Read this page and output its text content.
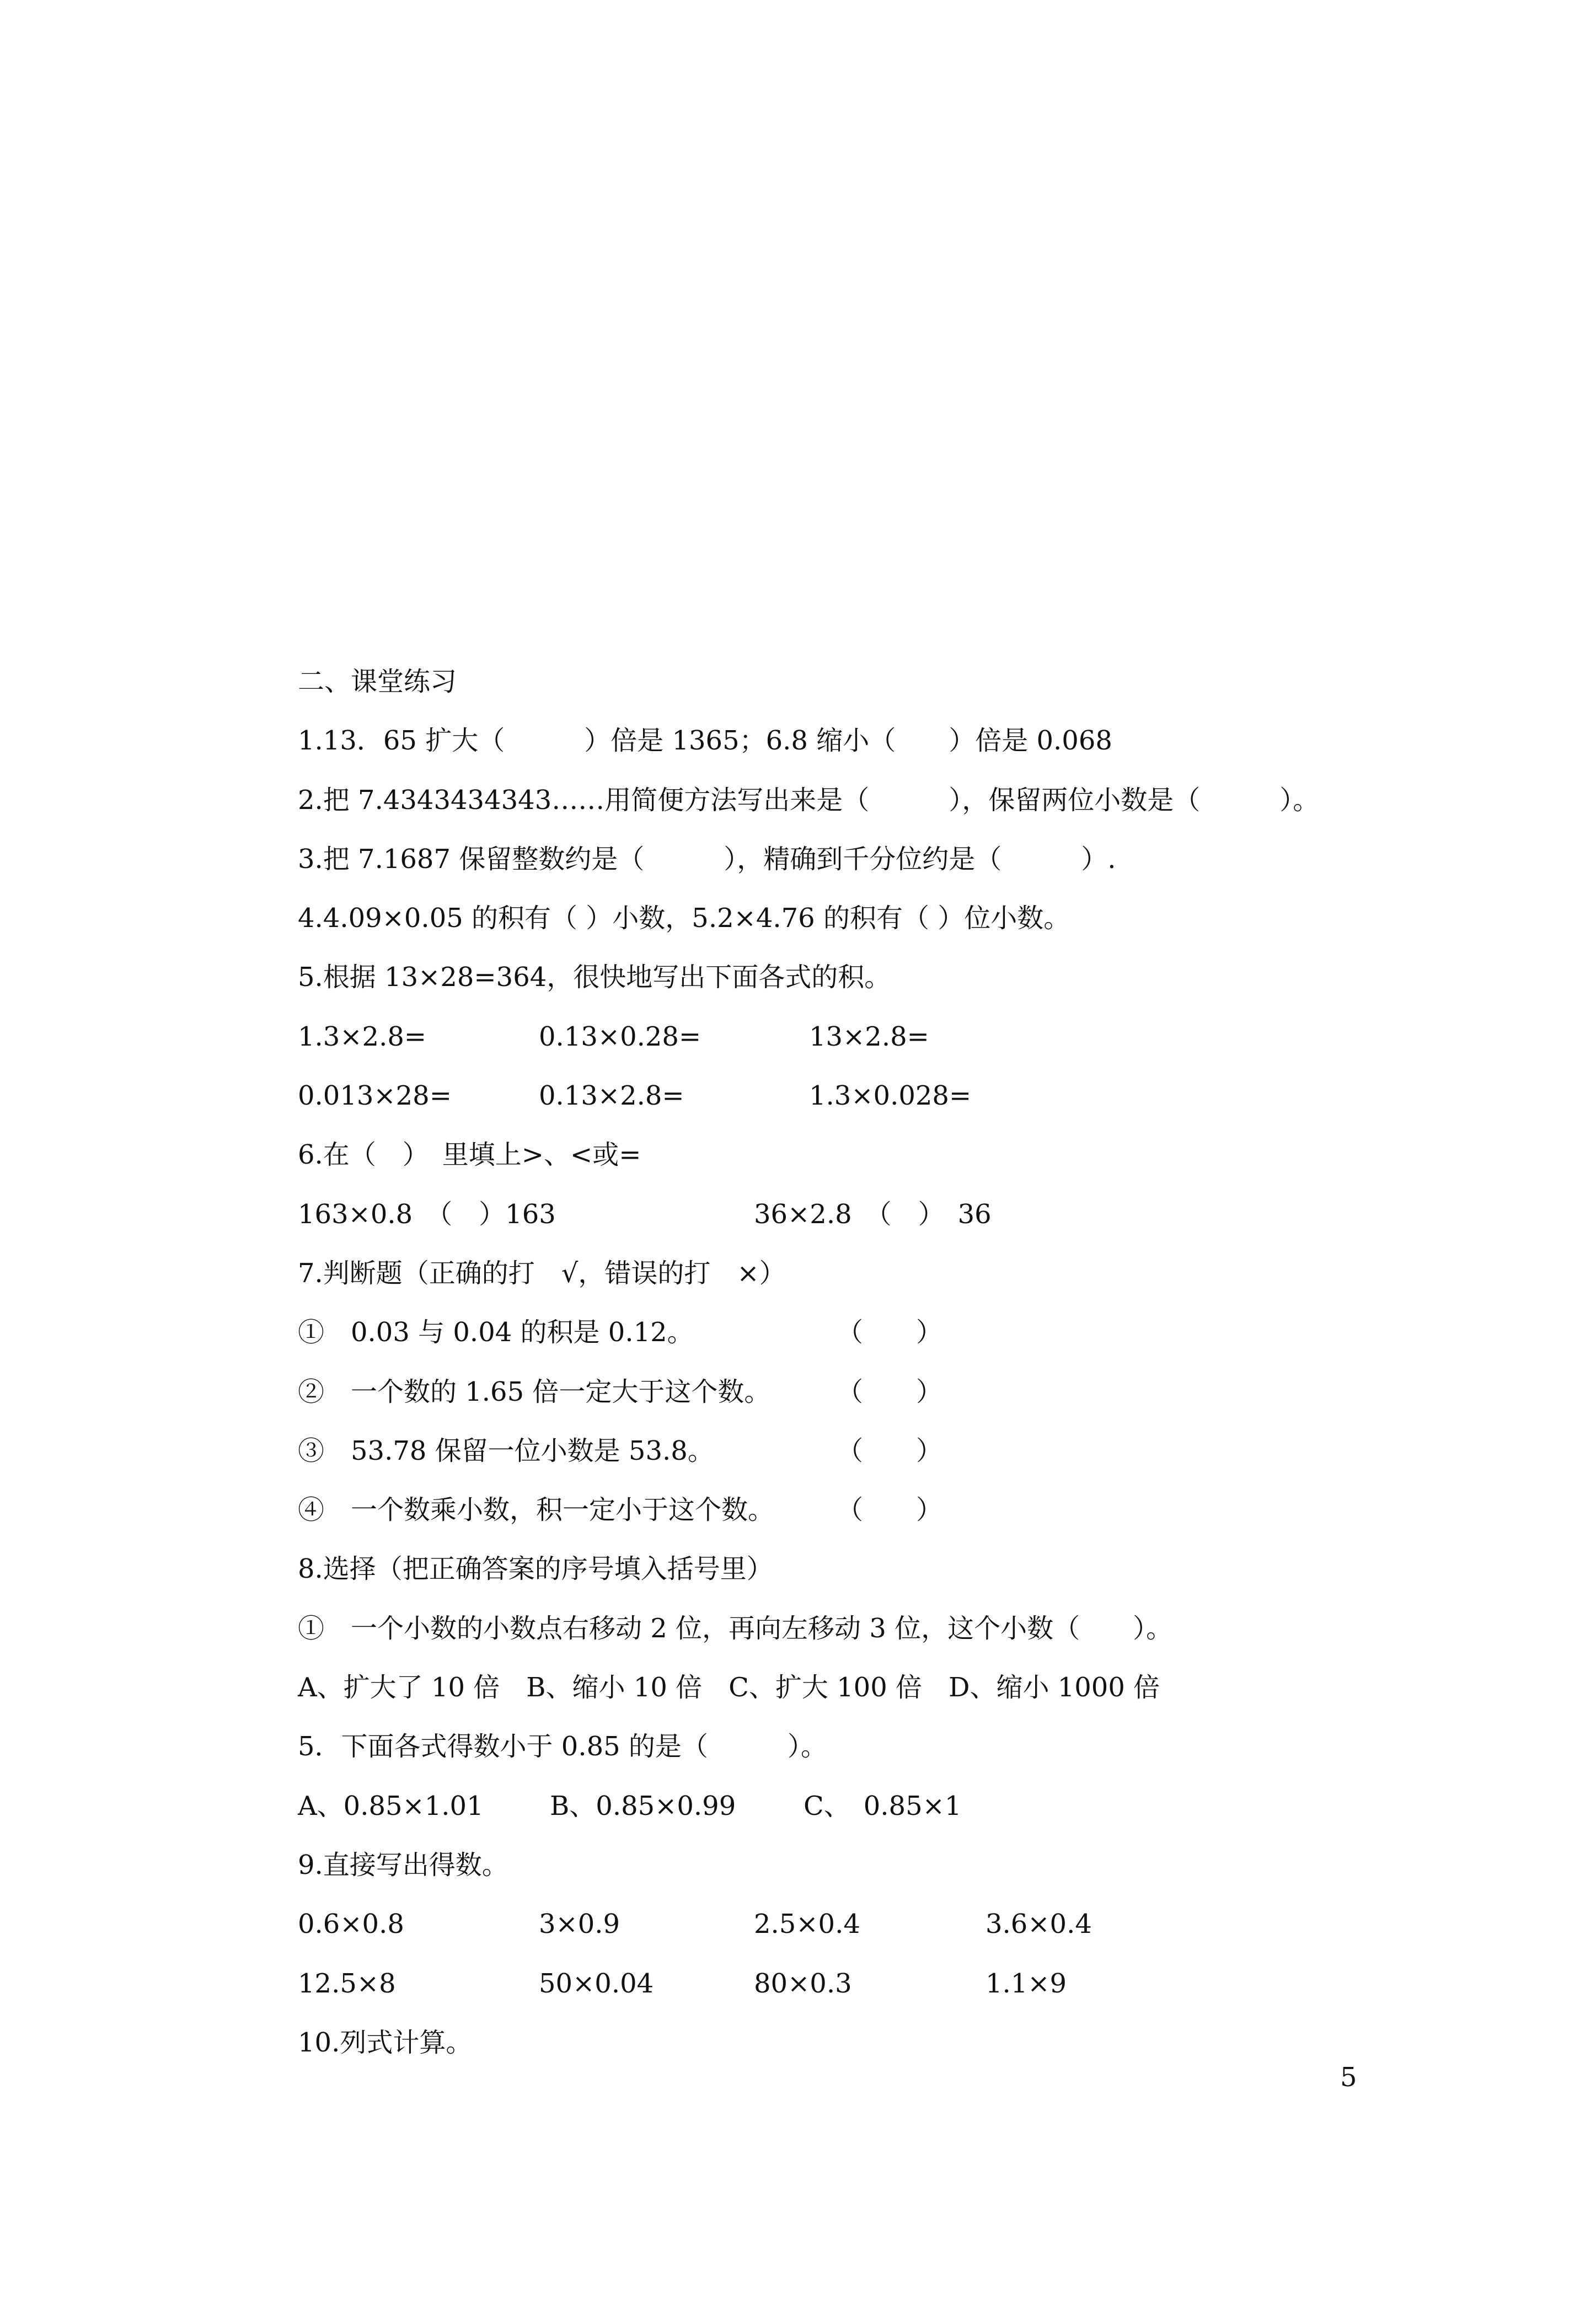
二、课堂练习
1.13．65 扩大（　　　）倍是 1365；6.8 缩小（　　）倍是 0.068
2.把 7.4343434343……用简便方法写出来是（　　　），保留两位小数是（　　　）。
3.把 7.1687 保留整数约是（　　　），精确到千分位约是（　　　）.
4.4.09×0.05 的积有（ ）小数，5.2×4.76 的积有（ ）位小数。
5.根据 13×28=364，很快地写出下面各式的积。

1.3×2.8=

	0.13×0.28=

	13×2.8=

0.013×28=

	0.13×2.8=

	1.3×0.028=

6.在（　）　里填上>、<或=

163×0.8　（　）163

	36×2.8　（　）　36

7.判断题（正确的打　√，错误的打　×）

①　0.03 与 0.04 的积是 0.12。

	（　　）

②　一个数的 1.65 倍一定大于这个数。

（　　）

③　53.78 保留一位小数是 53.8。

	（　　）

④　一个数乘小数，积一定小于这个数。

（　　）

8.选择（把正确答案的序号填入括号里）
①　一个小数的小数点右移动 2 位，再向左移动 3 位，这个小数（　　）。
A、扩大了 10 倍　B、缩小 10 倍　C、扩大 100 倍　D、缩小 1000 倍
5．下面各式得数小于 0.85 的是（　　　）。

A、0.85×1.01

	B、0.85×0.99

	C、　0.85×1

9.直接写出得数。

0.6×0.8

	3×0.9

	2.5×0.4

	3.6×0.4

12.5×8

	50×0.04

	80×0.3

	1.1×9

10.列式计算。
5
